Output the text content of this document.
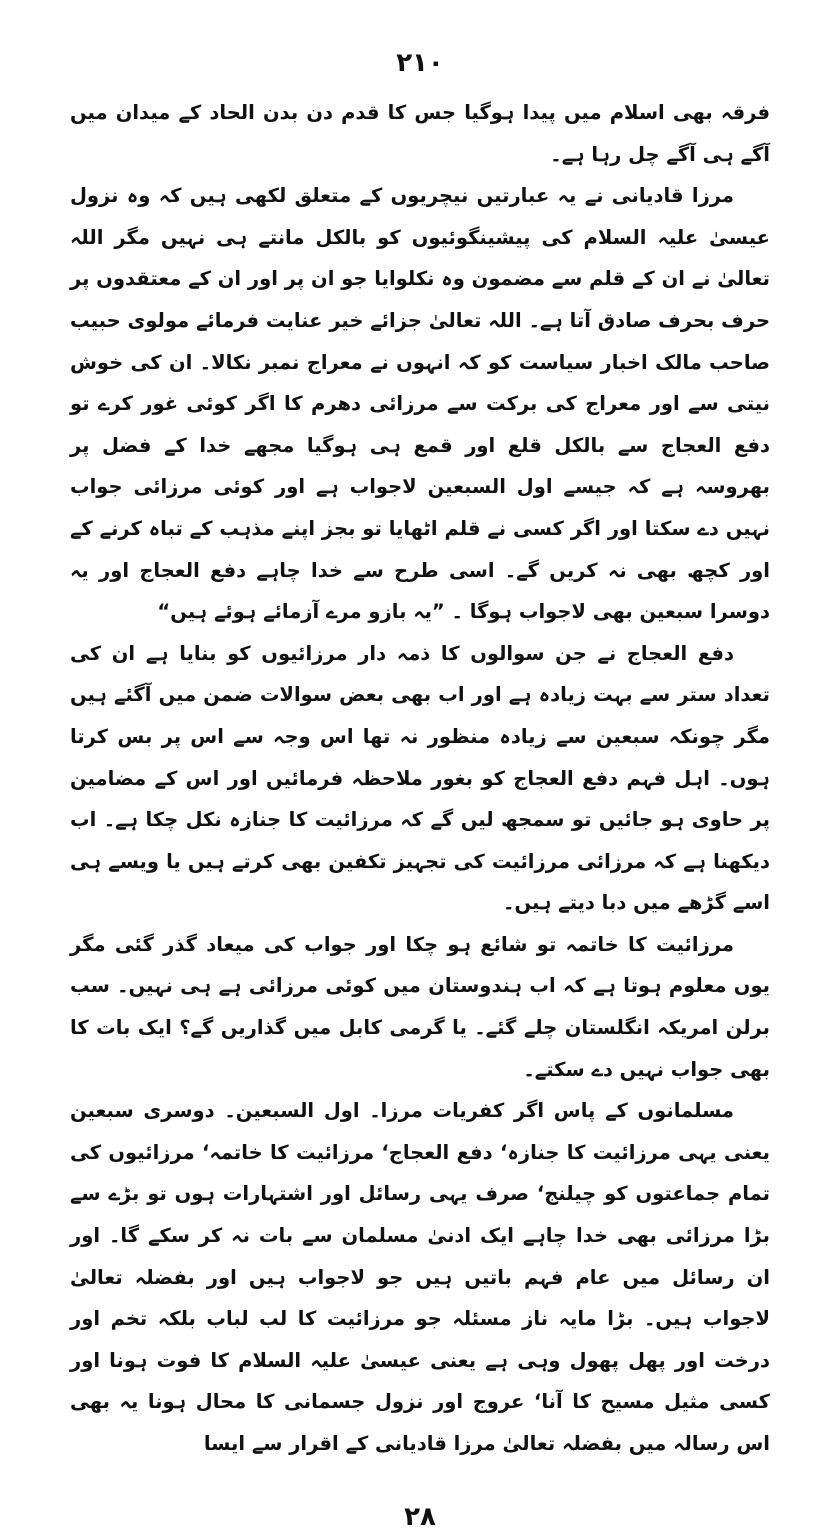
۲۱۰

فرقہ بھی اسلام میں پیدا ہوگیا جس کا قدم دن بدن الحاد کے میدان میں آگے ہی آگے چل رہا ہے۔

مرزا قادیانی نے یہ عبارتیں نیچریوں کے متعلق لکھی ہیں کہ وہ نزول عیسیٰ علیہ السلام کی پیشینگوئیوں کو بالکل مانتے ہی نہیں مگر اللہ تعالیٰ نے ان کے قلم سے مضمون وہ نکلوایا جو ان پر اور ان کے معتقدوں پر حرف بحرف صادق آتا ہے۔ اللہ تعالیٰ جزائے خیر عنایت فرمائے مولوی حبیب صاحب مالک اخبار سیاست کو کہ انہوں نے معراج نمبر نکالا۔ ان کی خوش نیتی سے اور معراج کی برکت سے مرزائی دھرم کا اگر کوئی غور کرے تو دفع العجاج سے بالکل قلع اور قمع ہی ہوگیا مجھے خدا کے فضل پر بھروسہ ہے کہ جیسے اول السبعین لاجواب ہے اور کوئی مرزائی جواب نہیں دے سکتا اور اگر کسی نے قلم اٹھایا تو بجز اپنے مذہب کے تباہ کرنے کے اور کچھ بھی نہ کریں گے۔ اسی طرح سے خدا چاہے دفع العجاج اور یہ دوسرا سبعین بھی لاجواب ہوگا ۔ ”یہ بازو مرے آزمائے ہوئے ہیں“

دفع العجاج نے جن سوالوں کا ذمہ دار مرزائیوں کو بنایا ہے ان کی تعداد ستر سے بہت زیادہ ہے اور اب بھی بعض سوالات ضمن میں آگئے ہیں مگر چونکہ سبعین سے زیادہ منظور نہ تھا اس وجہ سے اس پر بس کرتا ہوں۔ اہل فہم دفع العجاج کو بغور ملاحظہ فرمائیں اور اس کے مضامین پر حاوی ہو جائیں تو سمجھ لیں گے کہ مرزائیت کا جنازہ نکل چکا ہے۔ اب دیکھنا ہے کہ مرزائی مرزائیت کی تجہیز تکفین بھی کرتے ہیں یا ویسے ہی اسے گڑھے میں دبا دیتے ہیں۔

مرزائیت کا خاتمہ تو شائع ہو چکا اور جواب کی میعاد گذر گئی مگر یوں معلوم ہوتا ہے کہ اب ہندوستان میں کوئی مرزائی ہے ہی نہیں۔ سب برلن امریکہ انگلستان چلے گئے۔ یا گرمی کابل میں گذاریں گے؟ ایک بات کا بھی جواب نہیں دے سکتے۔

مسلمانوں کے پاس اگر کفریات مرزا۔ اول السبعین۔ دوسری سبعین یعنی یہی مرزائیت کا جنازہ‘ دفع العجاج‘ مرزائیت کا خاتمہ‘ مرزائیوں کی تمام جماعتوں کو چیلنج‘ صرف یہی رسائل اور اشتہارات ہوں تو بڑے سے بڑا مرزائی بھی خدا چاہے ایک ادنیٰ مسلمان سے بات نہ کر سکے گا۔ اور ان رسائل میں عام فہم باتیں ہیں جو لاجواب ہیں اور بفضلہ تعالیٰ لاجواب ہیں۔ بڑا مایہ ناز مسئلہ جو مرزائیت کا لب لباب بلکہ تخم اور درخت اور پھل پھول وہی ہے یعنی عیسیٰ علیہ السلام کا فوت ہونا اور کسی مثیل مسیح کا آنا‘ عروج اور نزول جسمانی کا محال ہونا یہ بھی اس رسالہ میں بفضلہ تعالیٰ مرزا قادیانی کے اقرار سے ایسا

۲۸
